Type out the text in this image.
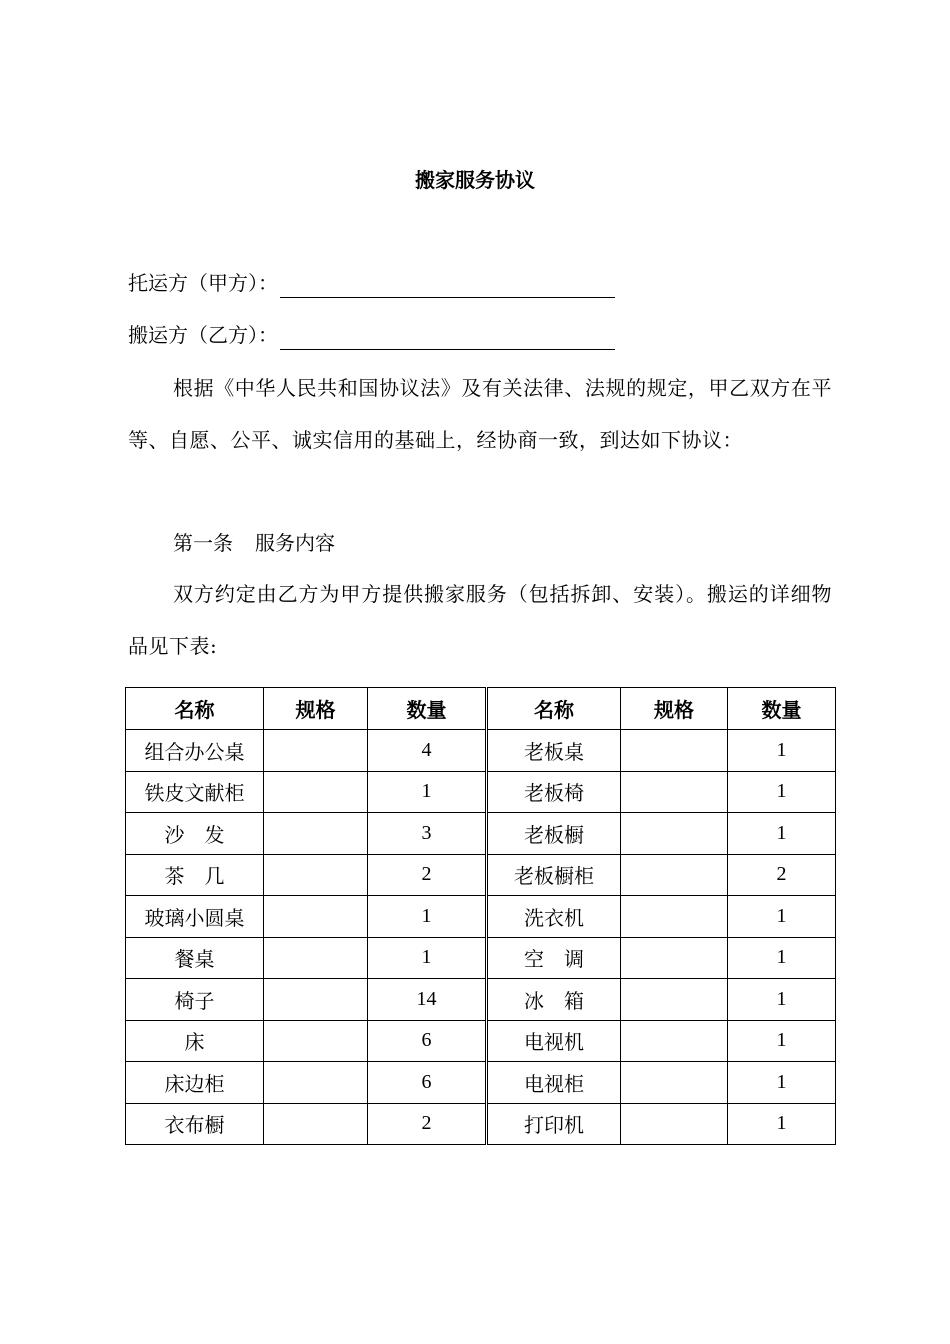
搬家服务协议
托运方（甲方）：
搬运方（乙方）：
根据《中华人民共和国协议法》及有关法律、法规的规定，甲乙双方在平等、自愿、公平、诚实信用的基础上，经协商一致，到达如下协议：
第一条 服务内容
双方约定由乙方为甲方提供搬家服务（包括拆卸、安装）。搬运的详细物品见下表:
名称	规格	数量	名称	规格	数量
组合办公桌		4	老板桌		1
铁皮文献柜		1	老板椅		1
沙　发		3	老板橱		1
茶　几		2	老板橱柜		2
玻璃小圆桌		1	洗衣机		1
餐桌		1	空　调		1
椅子		14	冰　箱		1
床		6	电视机		1
床边柜		6	电视柜		1
衣布橱		2	打印机		1
